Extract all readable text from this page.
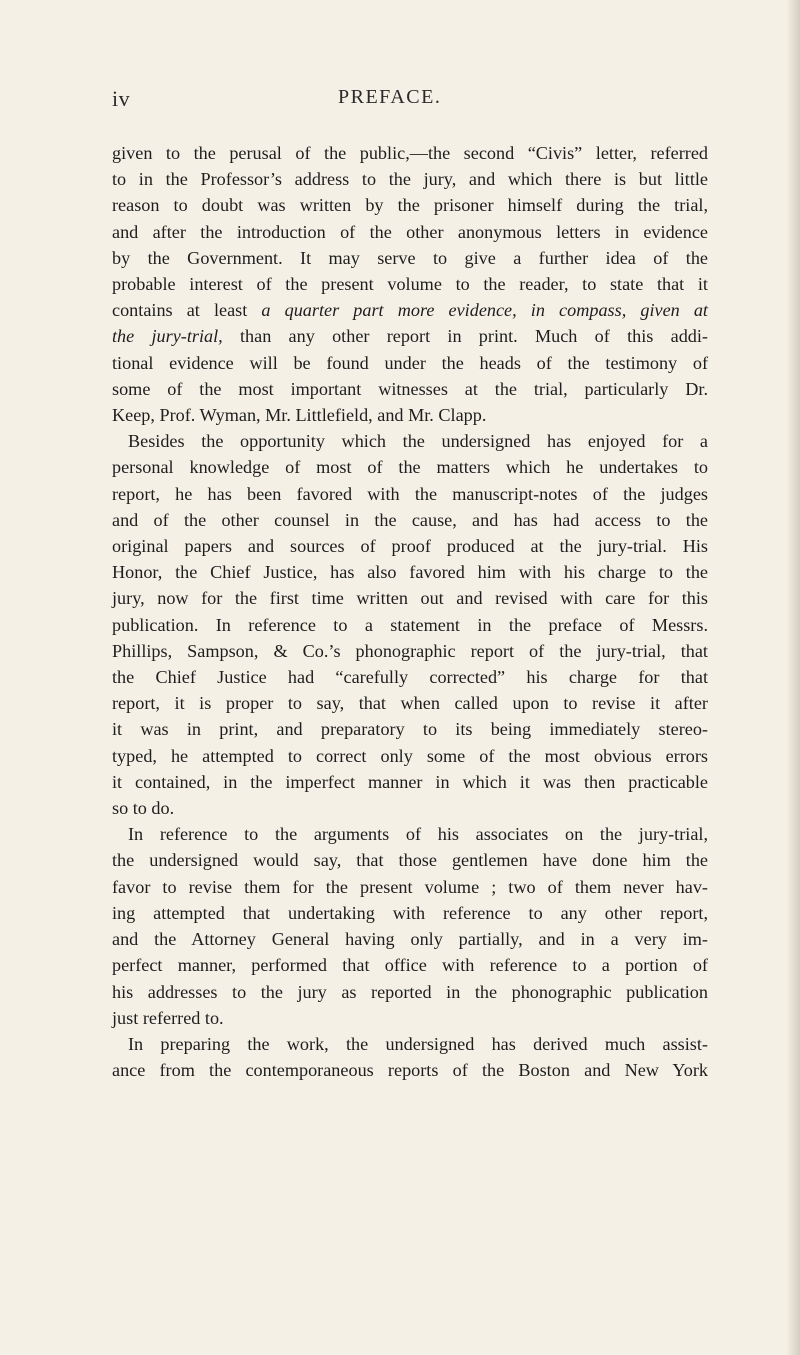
iv	PREFACE.
given to the perusal of the public,—the second “Civis” letter, referred
to in the Professor’s address to the jury, and which there is but little
reason to doubt was written by the prisoner himself during the trial,
and after the introduction of the other anonymous letters in evidence
by the Government. It may serve to give a further idea of the
probable interest of the present volume to the reader, to state that it
contains at least a quarter part more evidence, in compass, given at
the jury-trial, than any other report in print. Much of this addi-
tional evidence will be found under the heads of the testimony of
some of the most important witnesses at the trial, particularly Dr.
Keep, Prof. Wyman, Mr. Littlefield, and Mr. Clapp.
Besides the opportunity which the undersigned has enjoyed for a
personal knowledge of most of the matters which he undertakes to
report, he has been favored with the manuscript-notes of the judges
and of the other counsel in the cause, and has had access to the
original papers and sources of proof produced at the jury-trial. His
Honor, the Chief Justice, has also favored him with his charge to the
jury, now for the first time written out and revised with care for this
publication. In reference to a statement in the preface of Messrs.
Phillips, Sampson, & Co.’s phonographic report of the jury-trial, that
the Chief Justice had “carefully corrected” his charge for that
report, it is proper to say, that when called upon to revise it after
it was in print, and preparatory to its being immediately stereo-
typed, he attempted to correct only some of the most obvious errors
it contained, in the imperfect manner in which it was then practicable
so to do.
In reference to the arguments of his associates on the jury-trial,
the undersigned would say, that those gentlemen have done him the
favor to revise them for the present volume ; two of them never hav-
ing attempted that undertaking with reference to any other report,
and the Attorney General having only partially, and in a very im-
perfect manner, performed that office with reference to a portion of
his addresses to the jury as reported in the phonographic publication
just referred to.
In preparing the work, the undersigned has derived much assist-
ance from the contemporaneous reports of the Boston and New York
